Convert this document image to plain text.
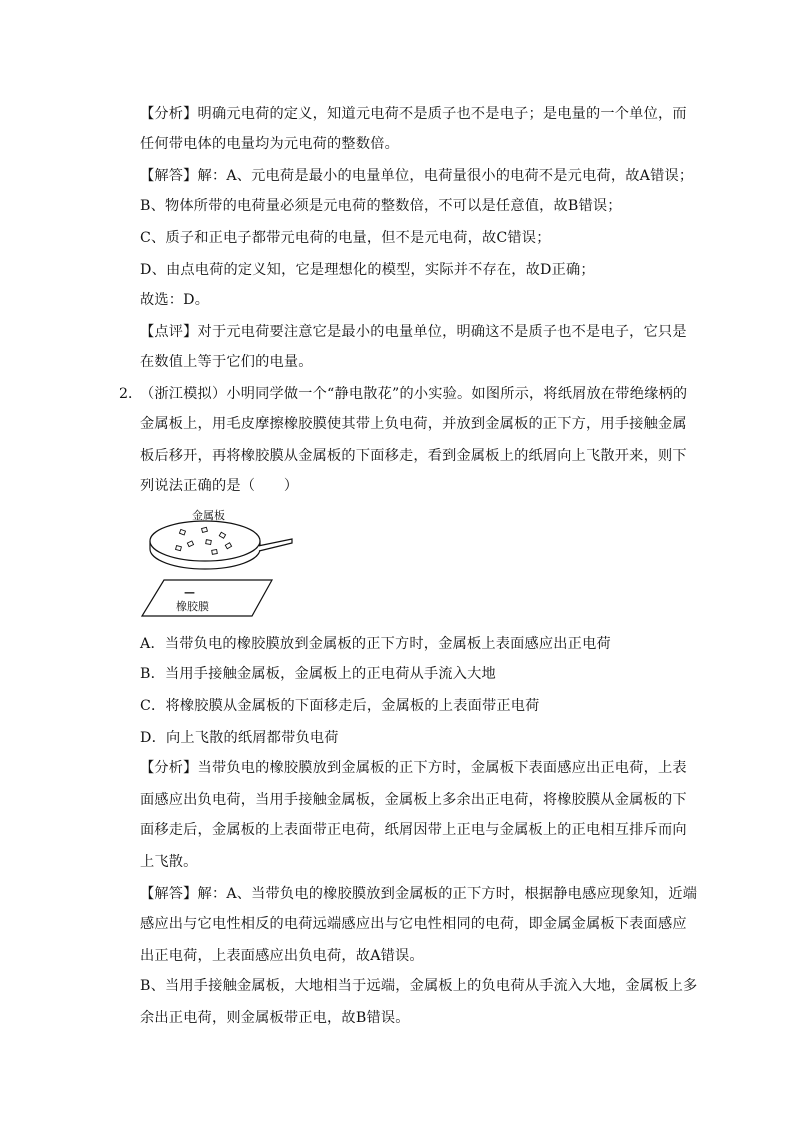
【分析】明确元电荷的定义，知道元电荷不是质子也不是电子；是电量的一个单位，而
任何带电体的电量均为元电荷的整数倍。
【解答】解：A、元电荷是最小的电量单位，电荷量很小的电荷不是元电荷，故A错误；
B、物体所带的电荷量必须是元电荷的整数倍，不可以是任意值，故B错误；
C、质子和正电子都带元电荷的电量，但不是元电荷，故C错误；
D、由点电荷的定义知，它是理想化的模型，实际并不存在，故D正确；
故选：D。
【点评】对于元电荷要注意它是最小的电量单位，明确这不是质子也不是电子，它只是
在数值上等于它们的电量。
2．
（浙江模拟）小明同学做一个“静电散花”的小实验。如图所示，将纸屑放在带绝缘柄的
金属板上，用毛皮摩擦橡胶膜使其带上负电荷，并放到金属板的正下方，用手接触金属
板后移开，再将橡胶膜从金属板的下面移走，看到金属板上的纸屑向上飞散开来，则下
列说法正确的是（　　）
金属板
—
橡胶膜
A．当带负电的橡胶膜放到金属板的正下方时，金属板上表面感应出正电荷
B．当用手接触金属板，金属板上的正电荷从手流入大地
C．将橡胶膜从金属板的下面移走后，金属板的上表面带正电荷
D．向上飞散的纸屑都带负电荷
【分析】当带负电的橡胶膜放到金属板的正下方时，金属板下表面感应出正电荷，上表
面感应出负电荷，当用手接触金属板，金属板上多余出正电荷，将橡胶膜从金属板的下
面移走后，金属板的上表面带正电荷，纸屑因带上正电与金属板上的正电相互排斥而向
上飞散。
【解答】解：A、当带负电的橡胶膜放到金属板的正下方时，根据静电感应现象知，近端
感应出与它电性相反的电荷远端感应出与它电性相同的电荷，即金属金属板下表面感应
出正电荷，上表面感应出负电荷，故A错误。
B、当用手接触金属板，大地相当于远端，金属板上的负电荷从手流入大地，金属板上多
余出正电荷，则金属板带正电，故B错误。
